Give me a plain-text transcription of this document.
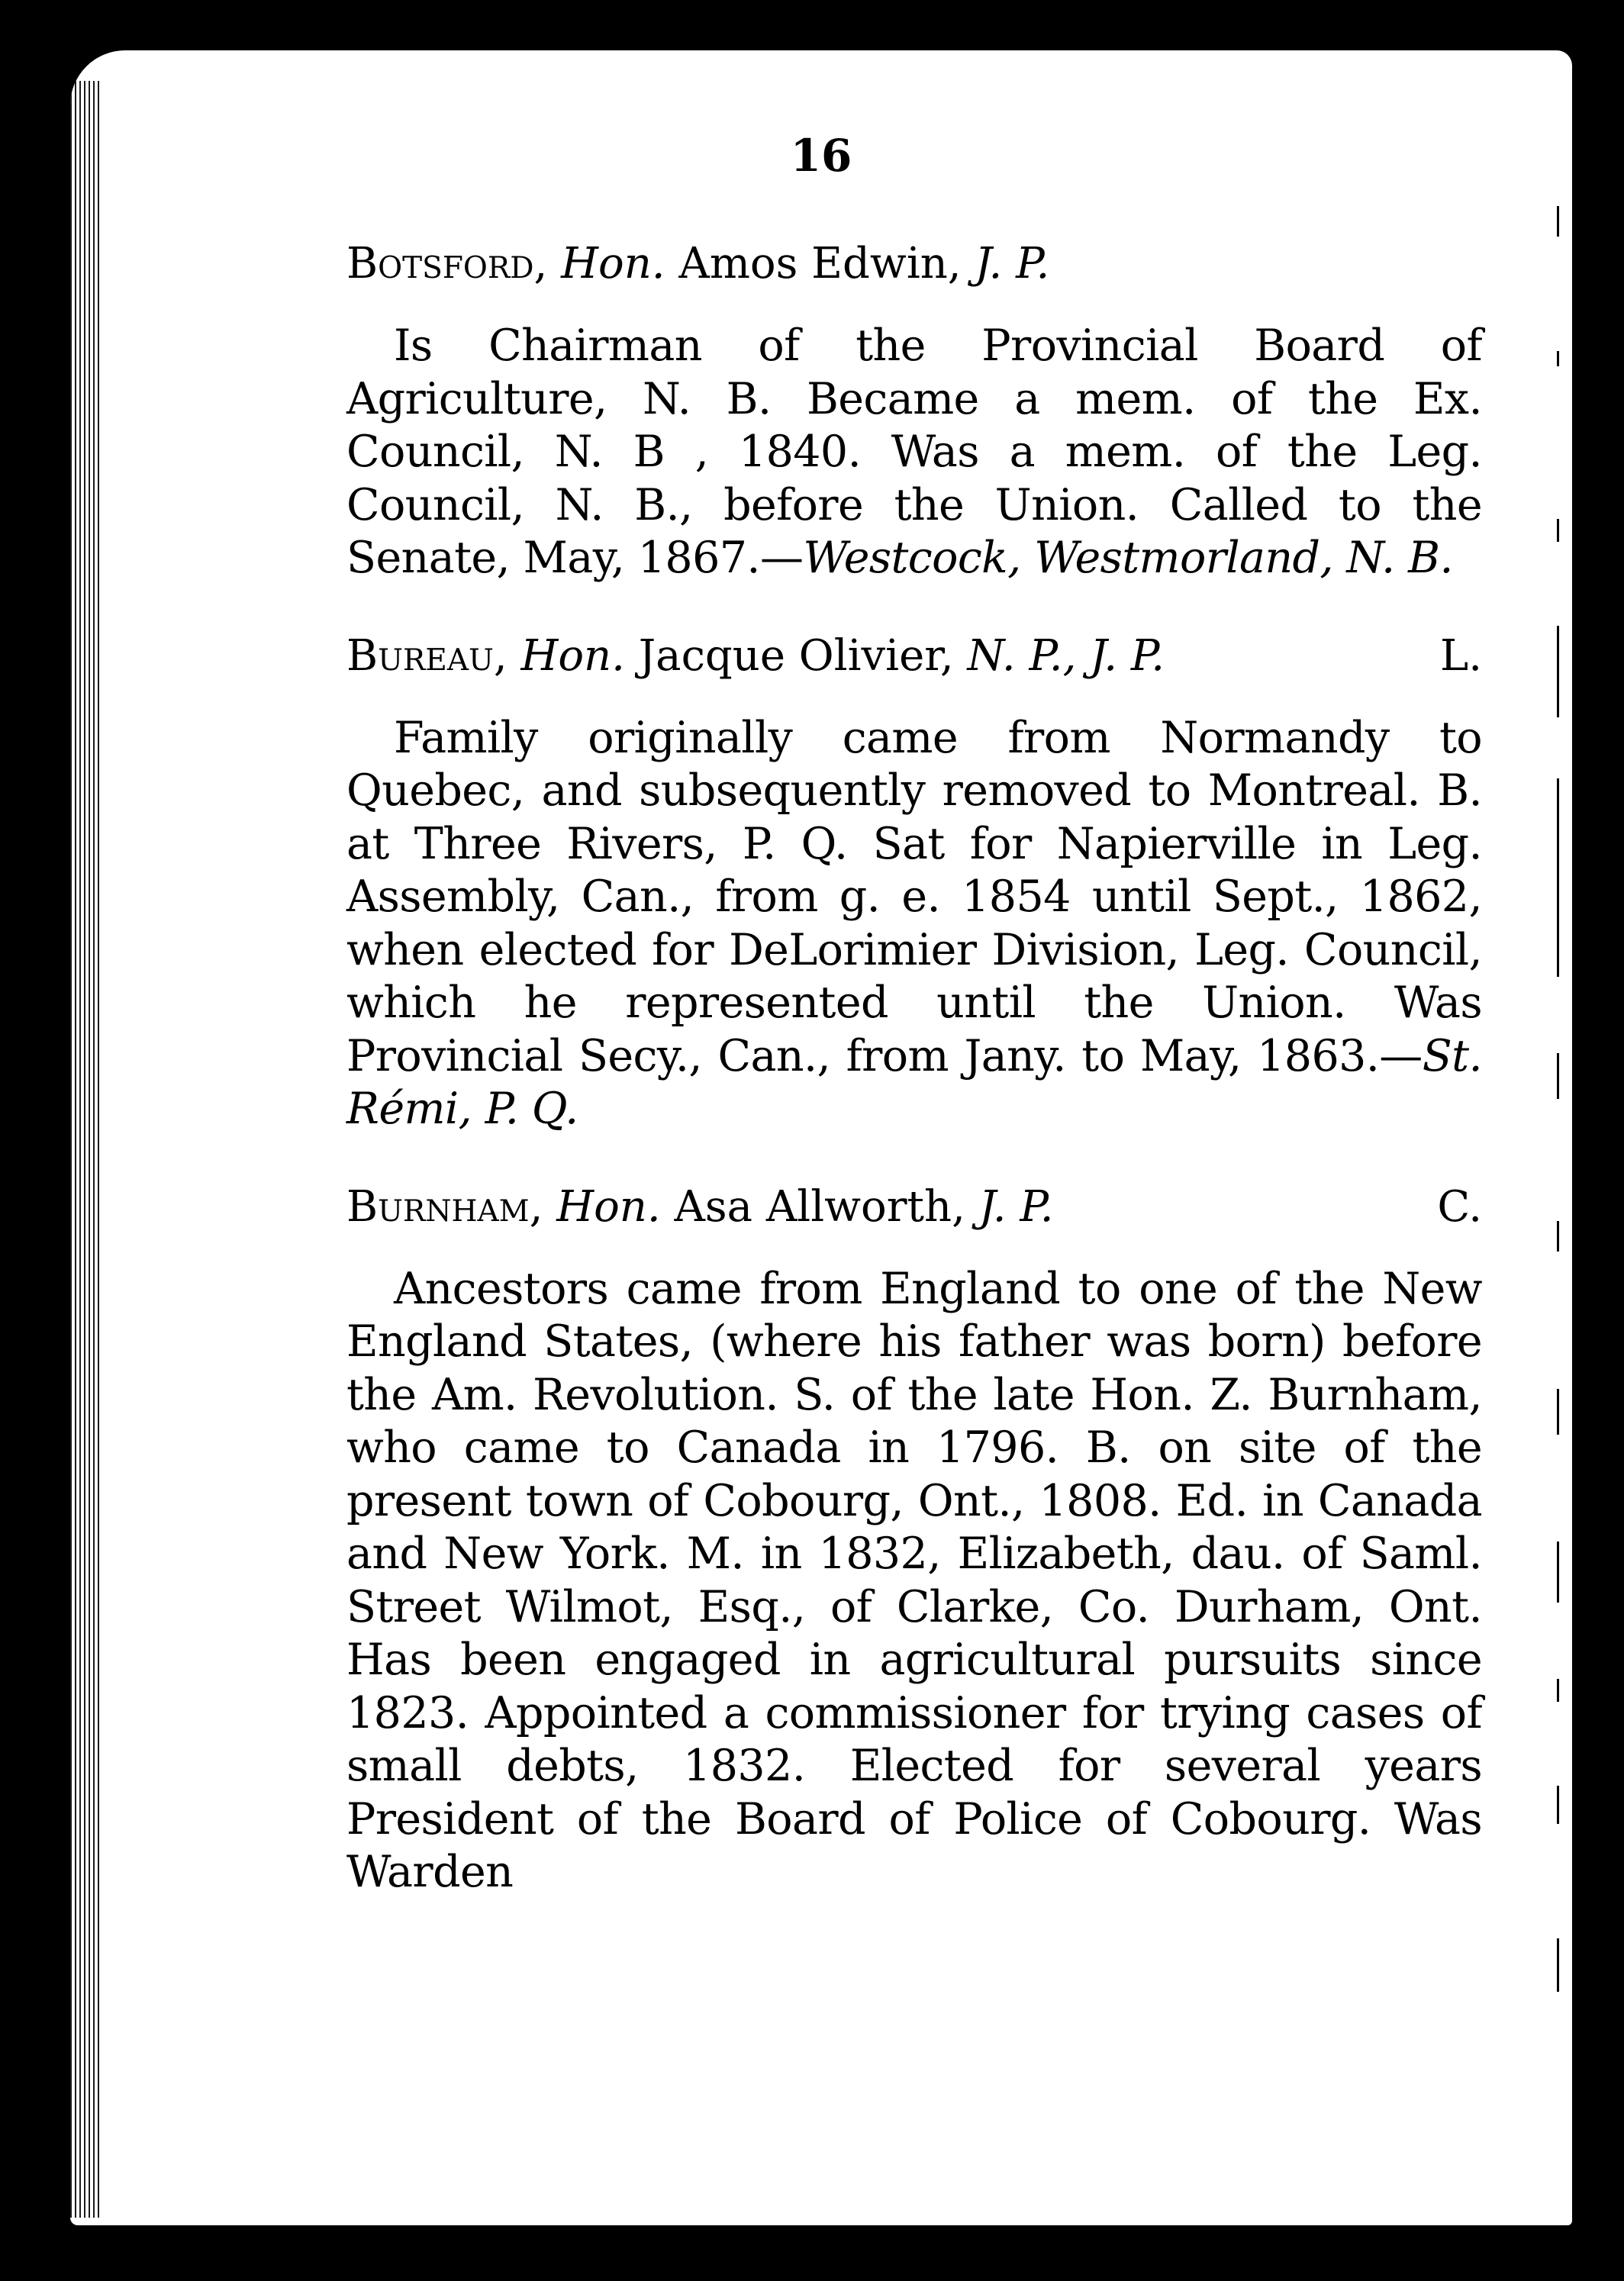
16
Botsford, Hon. Amos Edwin, J. P.

Is Chairman of the Provincial Board of Agriculture, N. B. Became a mem. of the Ex. Council, N. B , 1840. Was a mem. of the Leg. Council, N. B., before the Union. Called to the Senate, May, 1867.—Westcock, Westmorland, N. B.

Bureau, Hon. Jacque Olivier, N. P., J. P.	L.

Family originally came from Normandy to Quebec, and subsequently removed to Montreal. B. at Three Rivers, P. Q. Sat for Napierville in Leg. Assembly, Can., from g. e. 1854 until Sept., 1862, when elected for DeLorimier Division, Leg. Council, which he represented until the Union. Was Provincial Secy., Can., from Jany. to May, 1863.—St. Rémi, P. Q.

Burnham, Hon. Asa Allworth, J. P.	C.

Ancestors came from England to one of the New England States, (where his father was born) before the Am. Revolution. S. of the late Hon. Z. Burnham, who came to Canada in 1796. B. on site of the present town of Cobourg, Ont., 1808. Ed. in Canada and New York. M. in 1832, Elizabeth, dau. of Saml. Street Wilmot, Esq., of Clarke, Co. Durham, Ont. Has been engaged in agricultural pursuits since 1823. Appointed a commissioner for trying cases of small debts, 1832. Elected for several years President of the Board of Police of Cobourg. Was Warden
